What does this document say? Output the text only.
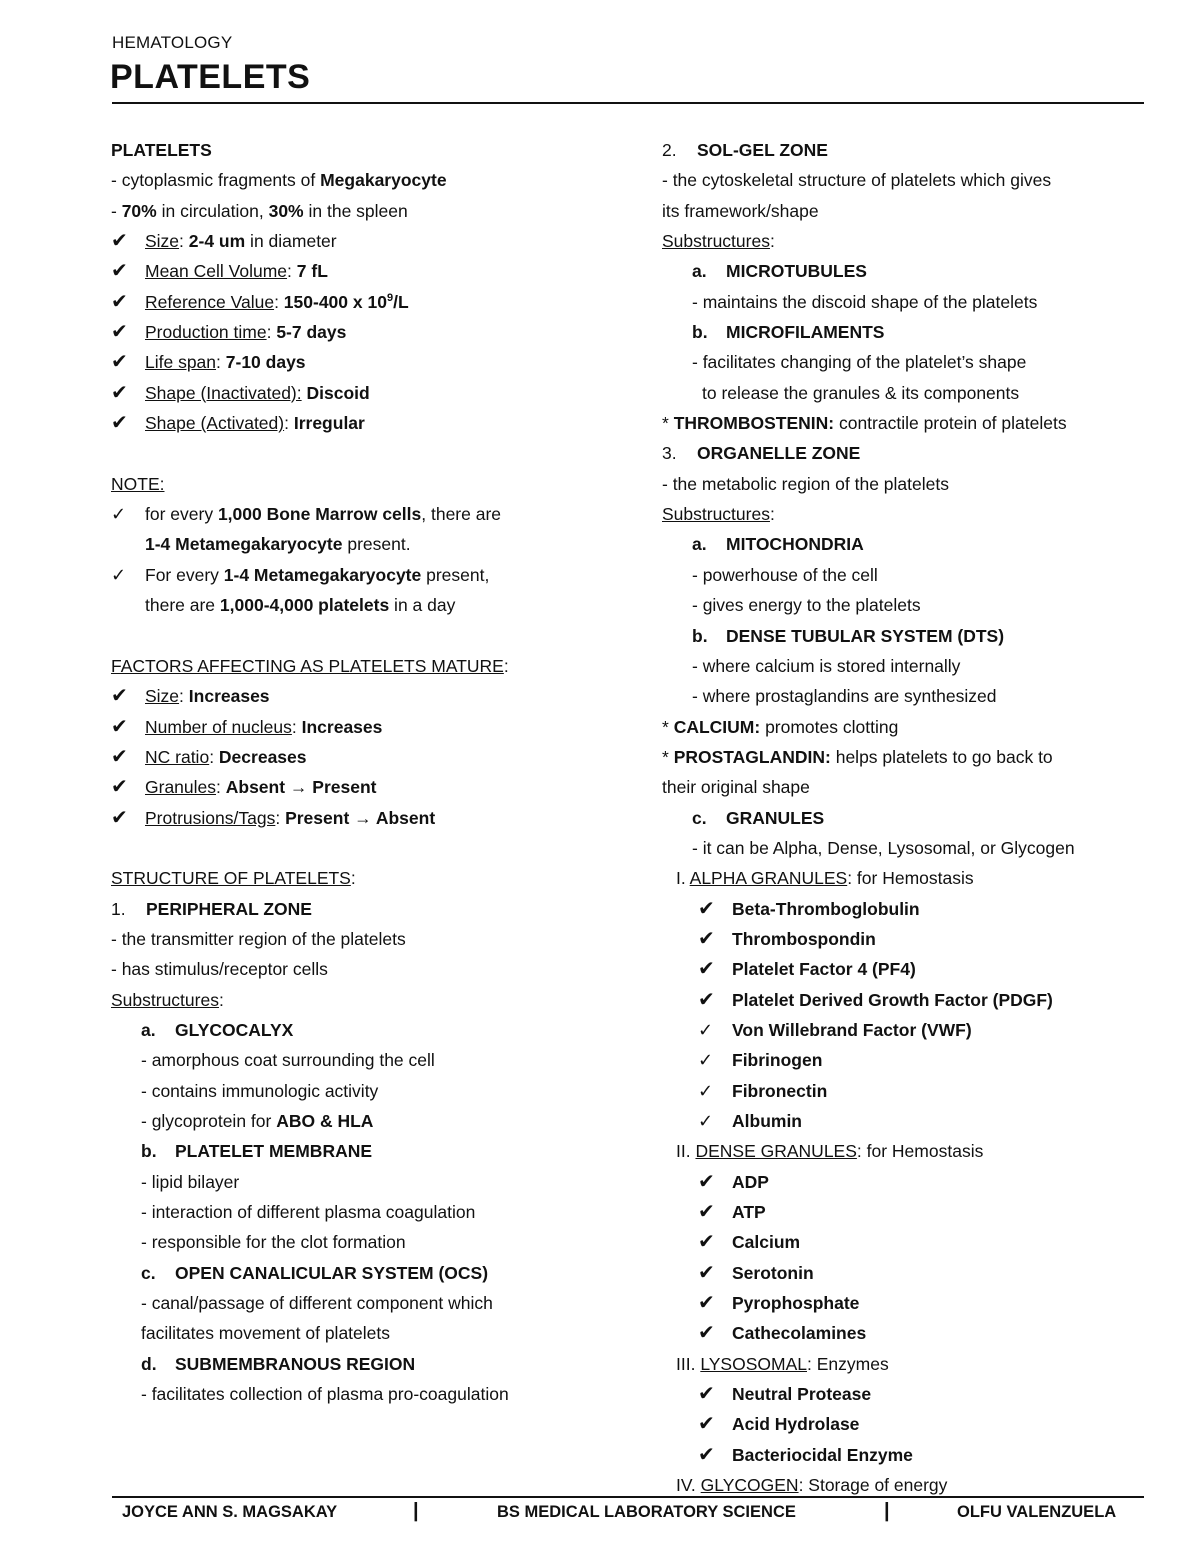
HEMATOLOGY
PLATELETS
PLATELETS
- cytoplasmic fragments of Megakaryocyte
- 70% in circulation, 30% in the spleen
✔ Size: 2-4 um in diameter
✔ Mean Cell Volume: 7 fL
✔ Reference Value: 150-400 x $10^9/L$
✔ Production time: 5-7 days
✔ Life span: 7-10 days
✔ Shape (Inactivated): Discoid
✔ Shape (Activated): Irregular
NOTE:
✓ for every 1,000 Bone Marrow cells, there are
1-4 Metamegakaryocyte present.
✓ For every 1-4 Metamegakaryocyte present,
there are 1,000-4,000 platelets in a day
FACTORS AFFECTING AS PLATELETS MATURE:
✔ Size: Increases
✔ Number of nucleus: Increases
✔ NC ratio: Decreases
✔ Granules: Absent → Present
✔ Protrusions/Tags: Present → Absent
STRUCTURE OF PLATELETS:
1. PERIPHERAL ZONE
- the transmitter region of the platelets
- has stimulus/receptor cells
Substructures:
a. GLYCOCALYX
- amorphous coat surrounding the cell
- contains immunologic activity
- glycoprotein for ABO & HLA
b. PLATELET MEMBRANE
- lipid bilayer
- interaction of different plasma coagulation
- responsible for the clot formation
c. OPEN CANALICULAR SYSTEM (OCS)
- canal/passage of different component which
facilitates movement of platelets
d. SUBMEMBRANOUS REGION
- facilitates collection of plasma pro-coagulation
2. SOL-GEL ZONE
- the cytoskeletal structure of platelets which gives
its framework/shape
Substructures:
a. MICROTUBULES
- maintains the discoid shape of the platelets
b. MICROFILAMENTS
- facilitates changing of the platelet’s shape
to release the granules & its components
* THROMBOSTENIN: contractile protein of platelets
3. ORGANELLE ZONE
- the metabolic region of the platelets
Substructures:
a. MITOCHONDRIA
- powerhouse of the cell
- gives energy to the platelets
b. DENSE TUBULAR SYSTEM (DTS)
- where calcium is stored internally
- where prostaglandins are synthesized
* CALCIUM: promotes clotting
* PROSTAGLANDIN: helps platelets to go back to
their original shape
c. GRANULES
- it can be Alpha, Dense, Lysosomal, or Glycogen
I. ALPHA GRANULES: for Hemostasis
✔ Beta-Thromboglobulin
✔ Thrombospondin
✔ Platelet Factor 4 (PF4)
✔ Platelet Derived Growth Factor (PDGF)
✓ Von Willebrand Factor (VWF)
✓ Fibrinogen
✓ Fibronectin
✓ Albumin
II. DENSE GRANULES: for Hemostasis
✔ ADP
✔ ATP
✔ Calcium
✔ Serotonin
✔ Pyrophosphate
✔ Cathecolamines
III. LYSOSOMAL: Enzymes
✔ Neutral Protease
✔ Acid Hydrolase
✔ Bacteriocidal Enzyme
IV. GLYCOGEN: Storage of energy
JOYCE ANN S. MAGSAKAY	|	BS MEDICAL LABORATORY SCIENCE	|	OLFU VALENZUELA
